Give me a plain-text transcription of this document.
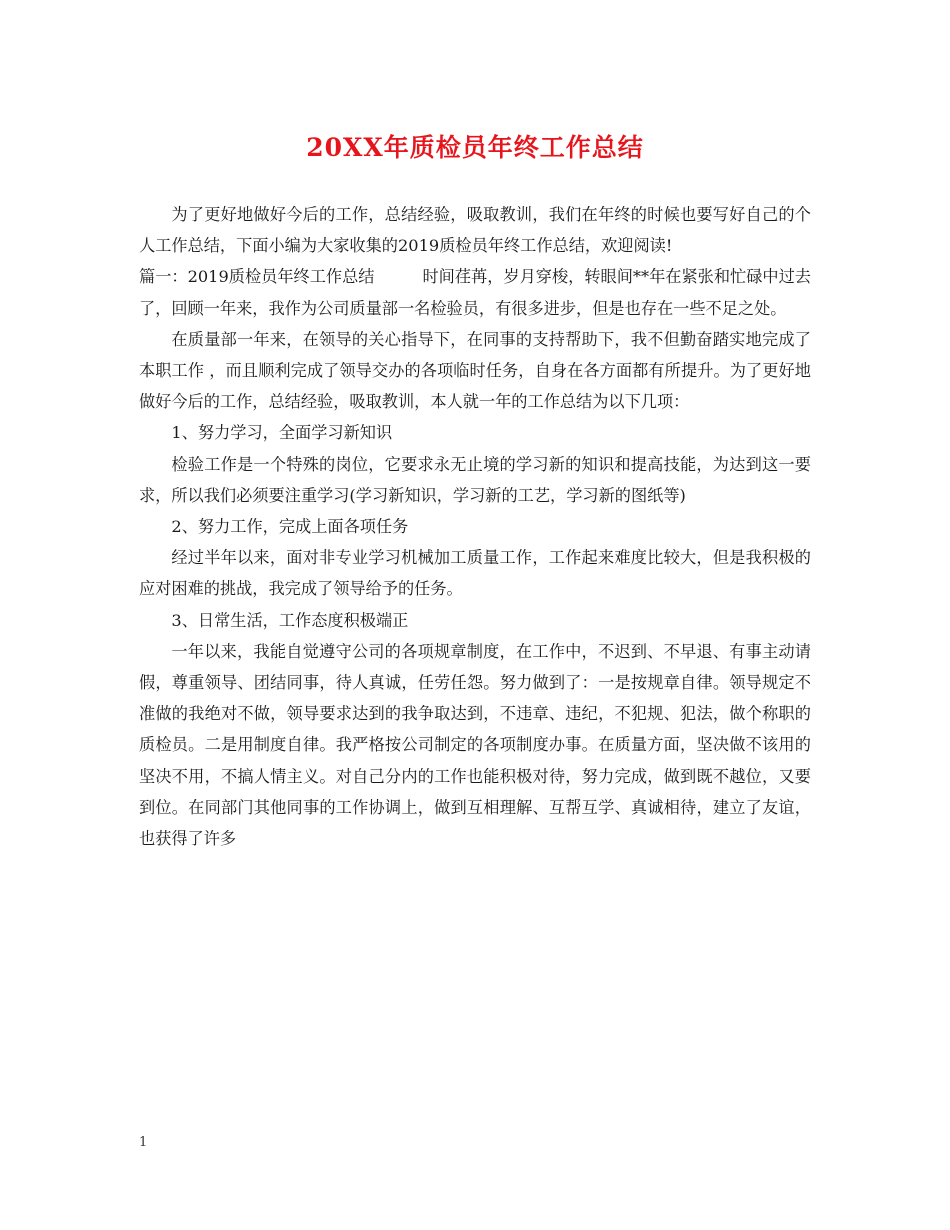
20XX年质检员年终工作总结

为了更好地做好今后的工作，总结经验，吸取教训，我们在年终的时候也要写好自己的个人工作总结，下面小编为大家收集的2019质检员年终工作总结，欢迎阅读!

篇一：2019质检员年终工作总结	时间荏苒，岁月穿梭，转眼间**年在紧张和忙碌中过去了，回顾一年来，我作为公司质量部一名检验员，有很多进步，但是也存在一些不足之处。

在质量部一年来，在领导的关心指导下，在同事的支持帮助下，我不但勤奋踏实地完成了本职工作 ，而且顺利完成了领导交办的各项临时任务，自身在各方面都有所提升。为了更好地做好今后的工作，总结经验，吸取教训，本人就一年的工作总结为以下几项：

1、努力学习，全面学习新知识

检验工作是一个特殊的岗位，它要求永无止境的学习新的知识和提高技能，为达到这一要求，所以我们必须要注重学习(学习新知识，学习新的工艺，学习新的图纸等)

2、努力工作，完成上面各项任务

经过半年以来，面对非专业学习机械加工质量工作，工作起来难度比较大，但是我积极的应对困难的挑战，我完成了领导给予的任务。

3、日常生活，工作态度积极端正

一年以来，我能自觉遵守公司的各项规章制度，在工作中，不迟到、不早退、有事主动请假，尊重领导、团结同事，待人真诚，任劳任怨。努力做到了：一是按规章自律。领导规定不准做的我绝对不做，领导要求达到的我争取达到，不违章、违纪，不犯规、犯法，做个称职的质检员。二是用制度自律。我严格按公司制定的各项制度办事。在质量方面，坚决做不该用的坚决不用，不搞人情主义。对自己分内的工作也能积极对待，努力完成，做到既不越位，又要到位。在同部门其他同事的工作协调上，做到互相理解、互帮互学、真诚相待，建立了友谊，也获得了许多

1
